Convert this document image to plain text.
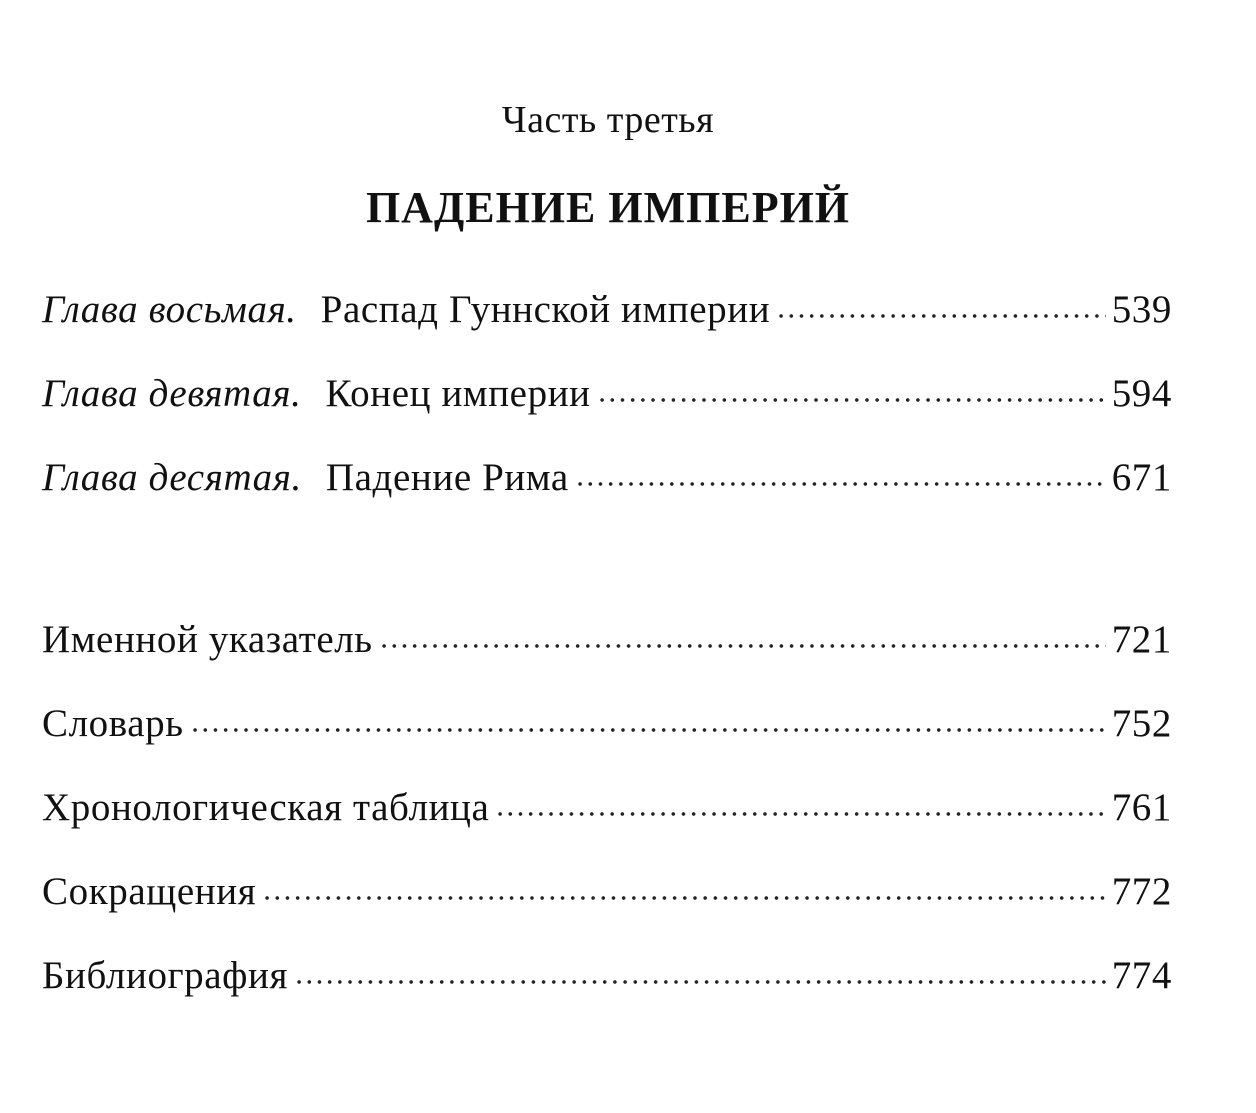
Часть третья
ПАДЕНИЕ ИМПЕРИЙ
Глава восьмая. Распад Гуннской империи	539
Глава девятая. Конец империи	594
Глава десятая. Падение Рима	671
Именной указатель	721
Словарь	752
Хронологическая таблица	761
Сокращения	772
Библиография	774
